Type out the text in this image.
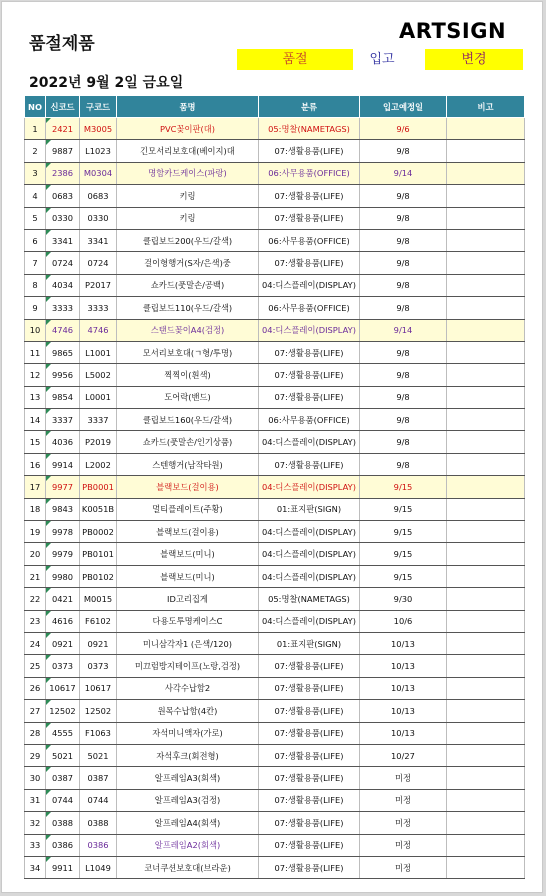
품절제품
ARTSIGN
품절	입고	변경
2022년 9월 2일 금요일
NO	신코드	구코드	품명	분류	입고예정일	비고
1	2421	M3005	PVC꽂이판(대)	05:명찰(NAMETAGS)	9/6	
2	9887	L1023	긴모서리보호대(베이지)대	07:생활용품(LIFE)	9/8	
3	2386	M0304	명함카드케이스(파랑)	06:사무용품(OFFICE)	9/14	
4	0683	0683	키링	07:생활용품(LIFE)	9/8	
5	0330	0330	키링	07:생활용품(LIFE)	9/8	
6	3341	3341	클립보드200(우드/갈색)	06:사무용품(OFFICE)	9/8	
7	0724	0724	걸이형행거(S자/은색)중	07:생활용품(LIFE)	9/8	
8	4034	P2017	쇼카드(풋말손/공백)	04:디스플레이(DISPLAY)	9/8	
9	3333	3333	클립보드110(우드/갈색)	06:사무용품(OFFICE)	9/8	
10	4746	4746	스탠드꽂이A4(검정)	04:디스플레이(DISPLAY)	9/14	
11	9865	L1001	모서리보호대(ㄱ형/투명)	07:생활용품(LIFE)	9/8	
12	9956	L5002	찍찍이(흰색)	07:생활용품(LIFE)	9/8	
13	9854	L0001	도어락(밴드)	07:생활용품(LIFE)	9/8	
14	3337	3337	클립보드160(우드/갈색)	06:사무용품(OFFICE)	9/8	
15	4036	P2019	쇼카드(풋말손/인기상품)	04:디스플레이(DISPLAY)	9/8	
16	9914	L2002	스텐행거(남작타원)	07:생활용품(LIFE)	9/8	
17	9977	PB0001	블랙보드(걸이용)	04:디스플레이(DISPLAY)	9/15	
18	9843	K0051B	멀티플레이트(주황)	01:표지판(SIGN)	9/15	
19	9978	PB0002	블랙보드(걸이용)	04:디스플레이(DISPLAY)	9/15	
20	9979	PB0101	블랙보드(미니)	04:디스플레이(DISPLAY)	9/15	
21	9980	PB0102	블랙보드(미니)	04:디스플레이(DISPLAY)	9/15	
22	0421	M0015	ID고리집게	05:명찰(NAMETAGS)	9/30	
23	4616	F6102	다용도투명케이스C	04:디스플레이(DISPLAY)	10/6	
24	0921	0921	미니삼각자1 (은색/120)	01:표지판(SIGN)	10/13	
25	0373	0373	미끄럼방지테이프(노랑,검정)	07:생활용품(LIFE)	10/13	
26	10617	10617	사각수납함2	07:생활용품(LIFE)	10/13	
27	12502	12502	원목수납함(4칸)	07:생활용품(LIFE)	10/13	
28	4555	F1063	자석미니액자(가로)	07:생활용품(LIFE)	10/13	
29	5021	5021	자석후크(회전형)	07:생활용품(LIFE)	10/27	
30	0387	0387	알프레임A3(회색)	07:생활용품(LIFE)	미정	
31	0744	0744	알프레임A3(검정)	07:생활용품(LIFE)	미정	
32	0388	0388	알프레임A4(회색)	07:생활용품(LIFE)	미정	
33	0386	0386	알프레임A2(회색)	07:생활용품(LIFE)	미정	
34	9911	L1049	코너쿠션보호대(브라운)	07:생활용품(LIFE)	미정	
